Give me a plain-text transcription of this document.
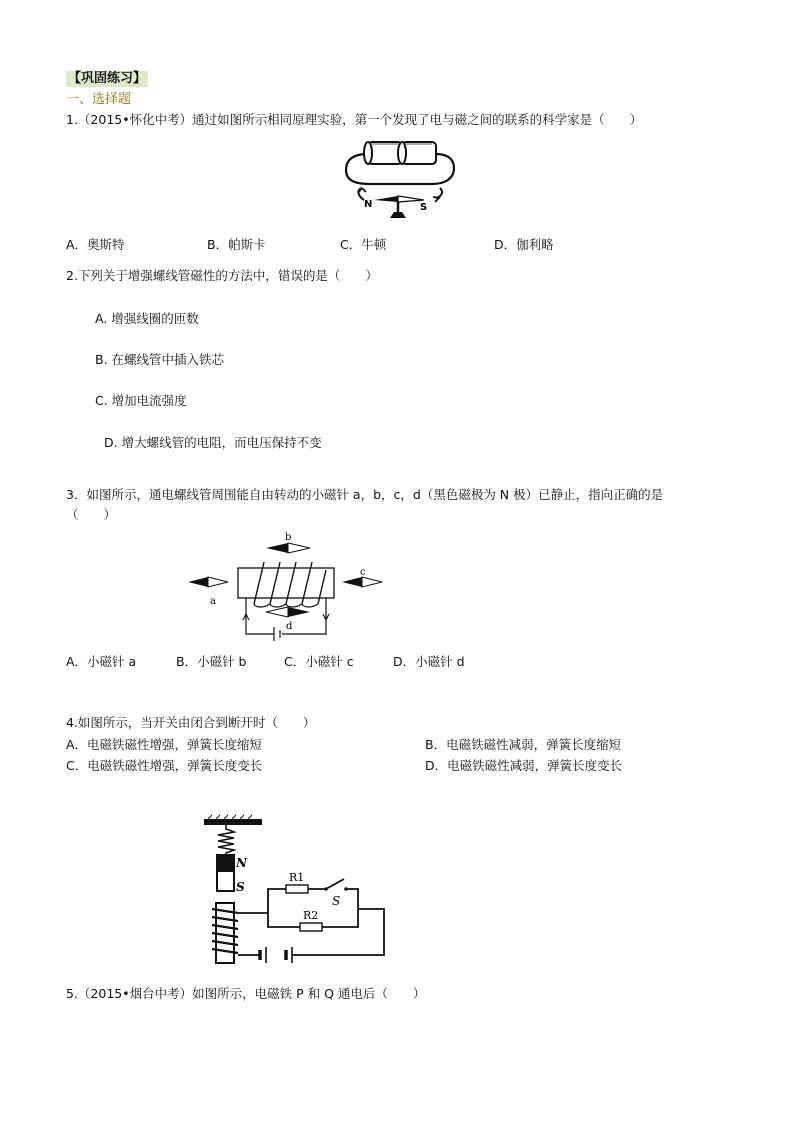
【巩固练习】
一、选择题
1.（2015•怀化中考）通过如图所示相同原理实验，第一个发现了电与磁之间的联系的科学家是（　　）
N	S
A．奥斯特	B．帕斯卡	C．牛顿	D．伽利略
2.下列关于增强螺线管磁性的方法中，错误的是（　　）
A. 增强线圈的匝数
B. 在螺线管中插入铁芯
C. 增加电流强度
D. 增大螺线管的电阻，而电压保持不变
3．如图所示，通电螺线管周围能自由转动的小磁针 a，b，c，d（黑色磁极为 N 极）已静止，指向正确的是
（　　）
b
a
c
d
A．小磁针 a	B．小磁针 b	C．小磁针 c	D．小磁针 d
4.如图所示，当开关由闭合到断开时（　　）
A．电磁铁磁性增强，弹簧长度缩短	B．电磁铁磁性减弱，弹簧长度缩短
C．电磁铁磁性增强，弹簧长度变长	D．电磁铁磁性减弱，弹簧长度变长
N
S
R1
S
R2
5.（2015•烟台中考）如图所示，电磁铁 P 和 Q 通电后（　　）
